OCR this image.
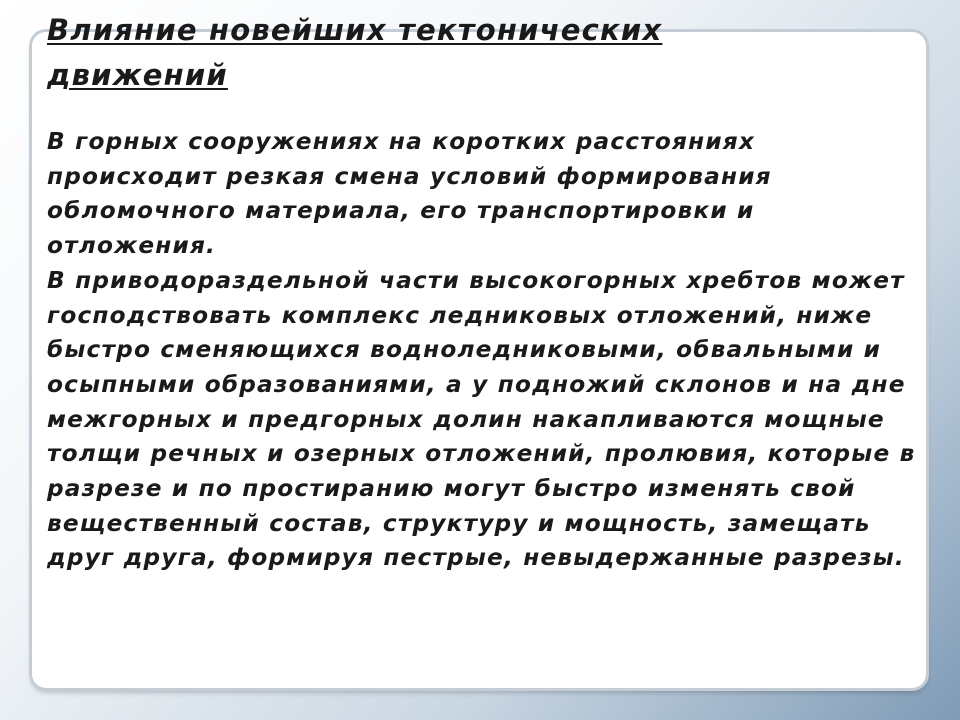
Влияние новейших тектонических движений

В горных сооружениях на коротких расстояниях происходит резкая смена условий формирования обломочного материала, его транспортировки и отложения.

В приводораздельной части высокогорных хребтов может господствовать комплекс ледниковых отложений, ниже быстро сменяющихся водноледниковыми, обвальными и осыпными образованиями, а у подножий склонов и на дне межгорных и предгорных долин накапливаются мощные толщи речных и озерных отложений, пролювия, которые в разрезе и по простиранию могут быстро изменять свой вещественный состав, структуру и мощность, замещать друг друга, формируя пестрые, невыдержанные разрезы.
